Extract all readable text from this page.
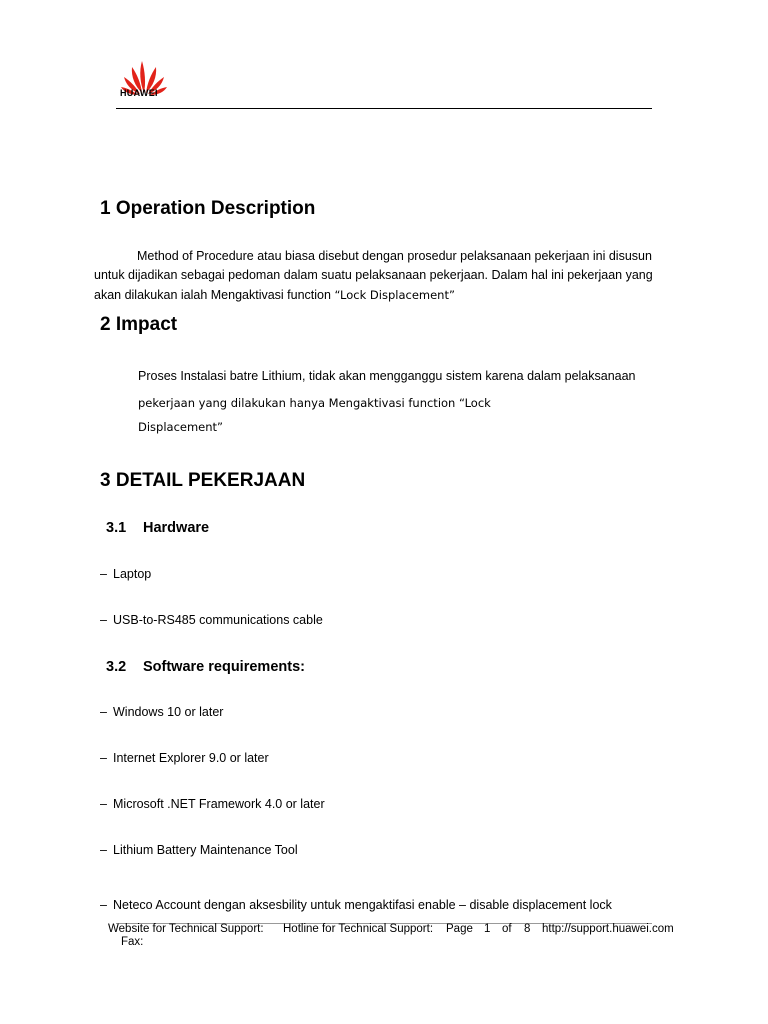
HUAWEI
1 Operation Description

Method of Procedure atau biasa disebut dengan prosedur pelaksanaan pekerjaan ini disusun

untuk dijadikan sebagai pedoman dalam suatu pelaksanaan pekerjaan. Dalam hal ini pekerjaan yang

akan dilakukan ialah Mengaktivasi function “Lock Displacement”

2 Impact

Proses Instalasi batre Lithium, tidak akan mengganggu sistem karena dalam pelaksanaan

pekerjaan yang dilakukan hanya Mengaktivasi function “Lock

Displacement”

3 DETAIL PEKERJAAN
3.1 Hardware
– Laptop
– USB-to-RS485 communications cable
3.2 Software requirements:
– Windows 10 or later
– Internet Explorer 9.0 or later
– Microsoft .NET Framework 4.0 or later
– Lithium Battery Maintenance Tool
– Neteco Account dengan aksesbility untuk mengaktifasi enable – disable displacement lock
Website for Technical Support: Hotline for Technical Support: Page 1 of 8 http://support.huawei.com
Fax:
